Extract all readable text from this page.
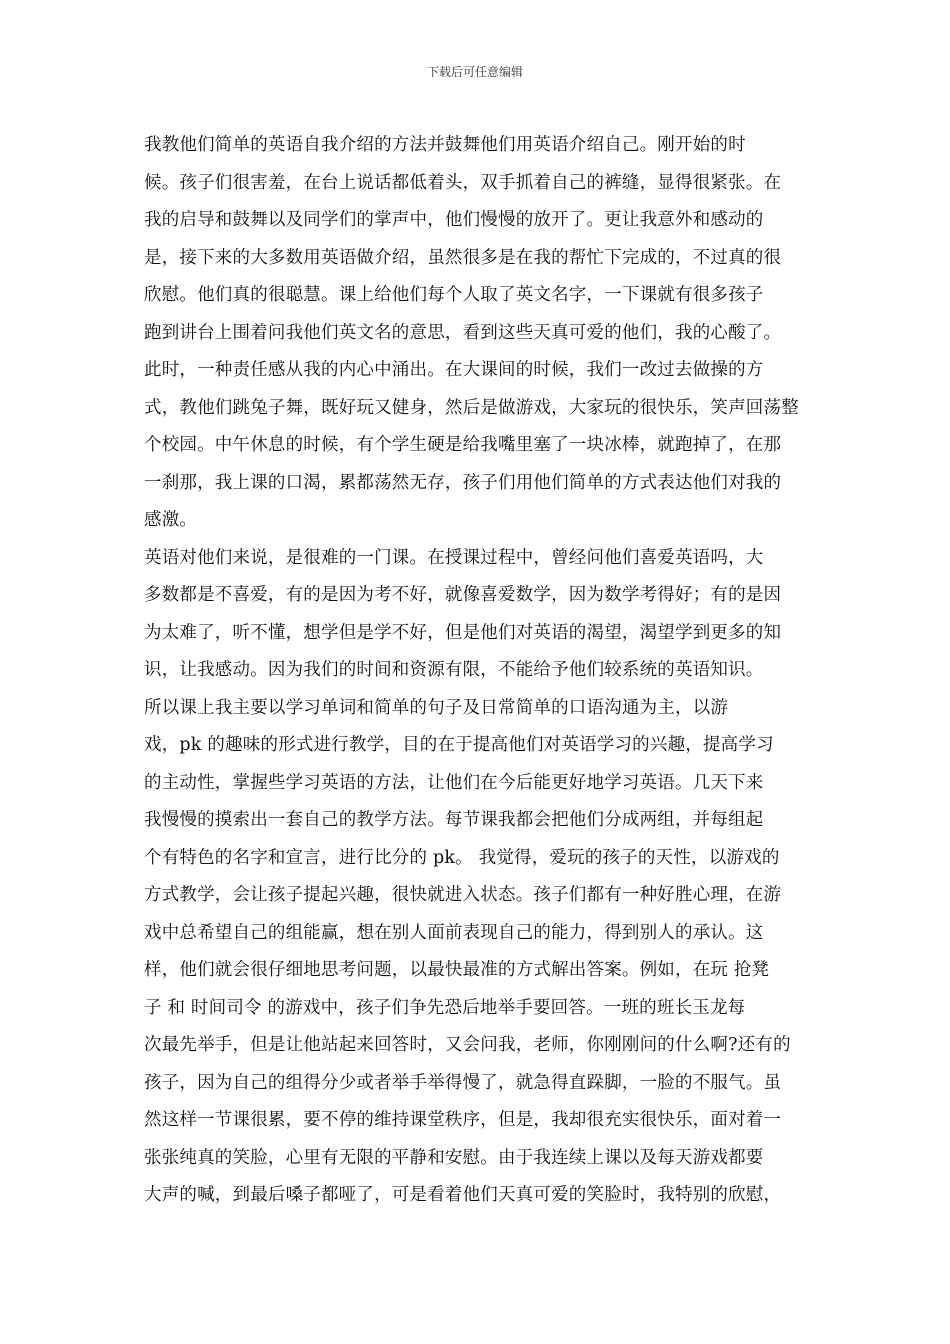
下载后可任意编辑
我教他们简单的英语自我介绍的方法并鼓舞他们用英语介绍自己。刚开始的时
候。孩子们很害羞，在台上说话都低着头，双手抓着自己的裤缝，显得很紧张。在
我的启导和鼓舞以及同学们的掌声中，他们慢慢的放开了。更让我意外和感动的
是，接下来的大多数用英语做介绍，虽然很多是在我的帮忙下完成的，不过真的很
欣慰。他们真的很聪慧。课上给他们每个人取了英文名字，一下课就有很多孩子
跑到讲台上围着问我他们英文名的意思，看到这些天真可爱的他们，我的心酸了。
此时，一种责任感从我的内心中涌出。在大课间的时候，我们一改过去做操的方
式，教他们跳兔子舞，既好玩又健身，然后是做游戏，大家玩的很快乐，笑声回荡整
个校园。中午休息的时候，有个学生硬是给我嘴里塞了一块冰棒，就跑掉了，在那
一刹那，我上课的口渴，累都荡然无存，孩子们用他们简单的方式表达他们对我的
感激。
英语对他们来说，是很难的一门课。在授课过程中，曾经问他们喜爱英语吗，大
多数都是不喜爱，有的是因为考不好，就像喜爱数学，因为数学考得好；有的是因
为太难了，听不懂，想学但是学不好，但是他们对英语的渴望，渴望学到更多的知
识，让我感动。因为我们的时间和资源有限，不能给予他们较系统的英语知识。
所以课上我主要以学习单词和简单的句子及日常简单的口语沟通为主，以游
戏，pk 的趣味的形式进行教学，目的在于提高他们对英语学习的兴趣，提高学习
的主动性，掌握些学习英语的方法，让他们在今后能更好地学习英语。几天下来
我慢慢的摸索出一套自己的教学方法。每节课我都会把他们分成两组，并每组起
个有特色的名字和宣言，进行比分的 pk。 我觉得，爱玩的孩子的天性，以游戏的
方式教学，会让孩子提起兴趣，很快就进入状态。孩子们都有一种好胜心理，在游
戏中总希望自己的组能赢，想在别人面前表现自己的能力，得到别人的承认。这
样，他们就会很仔细地思考问题，以最快最准的方式解出答案。例如，在玩 抢凳
子 和 时间司令 的游戏中，孩子们争先恐后地举手要回答。一班的班长玉龙每
次最先举手，但是让他站起来回答时，又会问我，老师，你刚刚问的什么啊?还有的
孩子，因为自己的组得分少或者举手举得慢了，就急得直跺脚，一脸的不服气。虽
然这样一节课很累，要不停的维持课堂秩序，但是，我却很充实很快乐，面对着一
张张纯真的笑脸，心里有无限的平静和安慰。由于我连续上课以及每天游戏都要
大声的喊，到最后嗓子都哑了，可是看着他们天真可爱的笑脸时，我特别的欣慰，
